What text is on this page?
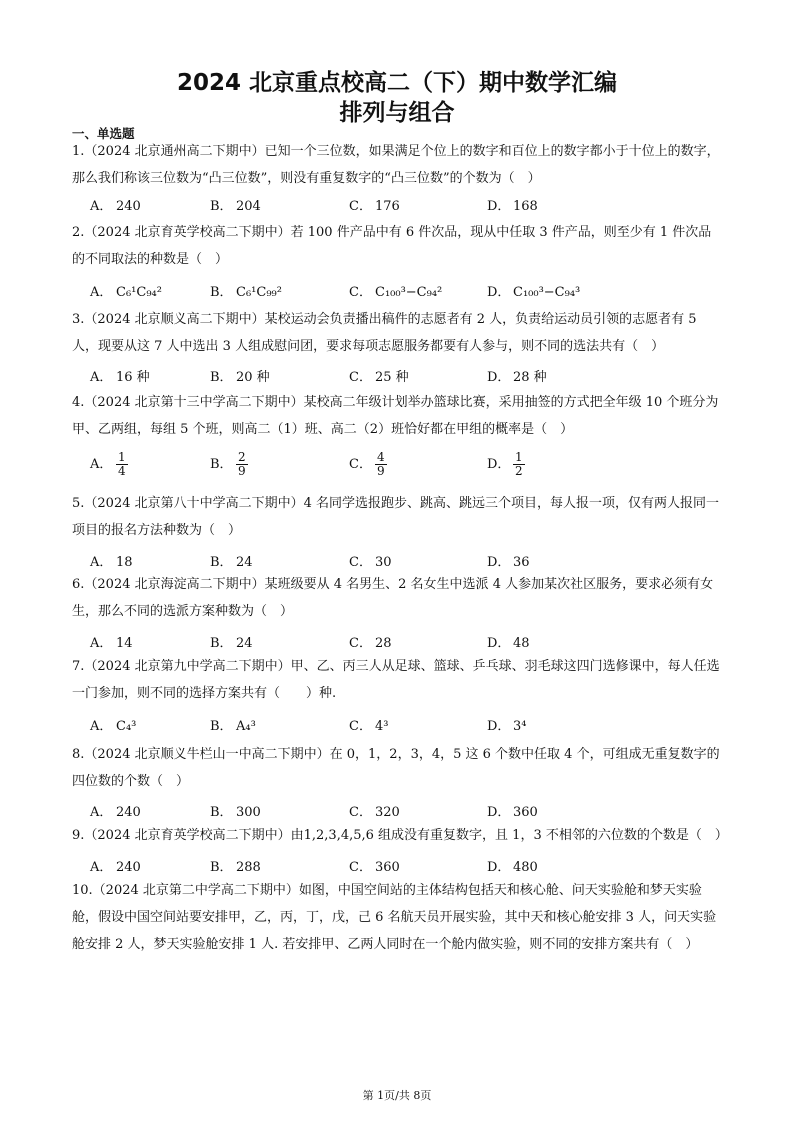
2024 北京重点校高二（下）期中数学汇编
排列与组合
一、单选题
1.（2024 北京通州高二下期中）已知一个三位数，如果满足个位上的数字和百位上的数字都小于十位上的数字，那么我们称该三位数为“凸三位数”，则没有重复数字的“凸三位数”的个数为（　）
A． 240	B． 204	C． 176	D． 168
2.（2024 北京育英学校高二下期中）若 100 件产品中有 6 件次品，现从中任取 3 件产品，则至少有 1 件次品的不同取法的种数是（　）
A． C₆¹C₉₄²	B． C₆¹C₉₉²	C． C₁₀₀³−C₉₄²	D． C₁₀₀³−C₉₄³
3.（2024 北京顺义高二下期中）某校运动会负责播出稿件的志愿者有 2 人，负责给运动员引领的志愿者有 5 人，现要从这 7 人中选出 3 人组成慰问团，要求每项志愿服务都要有人参与，则不同的选法共有（　）
A． 16 种	B． 20 种	C． 25 种	D． 28 种
4.（2024 北京第十三中学高二下期中）某校高二年级计划举办篮球比赛，采用抽签的方式把全年级 10 个班分为甲、乙两组，每组 5 个班，则高二（1）班、高二（2）班恰好都在甲组的概率是（　）
A． $\frac{1}{4}$	B． $\frac{2}{9}$	C． $\frac{4}{9}$	D． $\frac{1}{2}$
5.（2024 北京第八十中学高二下期中）4 名同学选报跑步、跳高、跳远三个项目，每人报一项，仅有两人报同一项目的报名方法种数为（　）
A． 18	B． 24	C． 30	D． 36
6.（2024 北京海淀高二下期中）某班级要从 4 名男生、2 名女生中选派 4 人参加某次社区服务，要求必须有女生，那么不同的选派方案种数为（　）
A． 14	B． 24	C． 28	D． 48
7.（2024 北京第九中学高二下期中）甲、乙、丙三人从足球、篮球、乒乓球、羽毛球这四门选修课中，每人任选一门参加，则不同的选择方案共有（　　）种.
A． C₄³	B． A₄³	C． 4³	D． 3⁴
8.（2024 北京顺义牛栏山一中高二下期中）在 0，1，2，3，4，5 这 6 个数中任取 4 个，可组成无重复数字的四位数的个数（　）
A． 240	B． 300	C． 320	D． 360
9.（2024 北京育英学校高二下期中）由1,2,3,4,5,6 组成没有重复数字，且 1，3 不相邻的六位数的个数是（　）
A． 240	B． 288	C． 360	D． 480
10.（2024 北京第二中学高二下期中）如图，中国空间站的主体结构包括天和核心舱、问天实验舱和梦天实验舱，假设中国空间站要安排甲，乙，丙，丁，戊，己 6 名航天员开展实验，其中天和核心舱安排 3 人，问天实验舱安排 2 人，梦天实验舱安排 1 人. 若安排甲、乙两人同时在一个舱内做实验，则不同的安排方案共有（　）
第 1页/共 8页
